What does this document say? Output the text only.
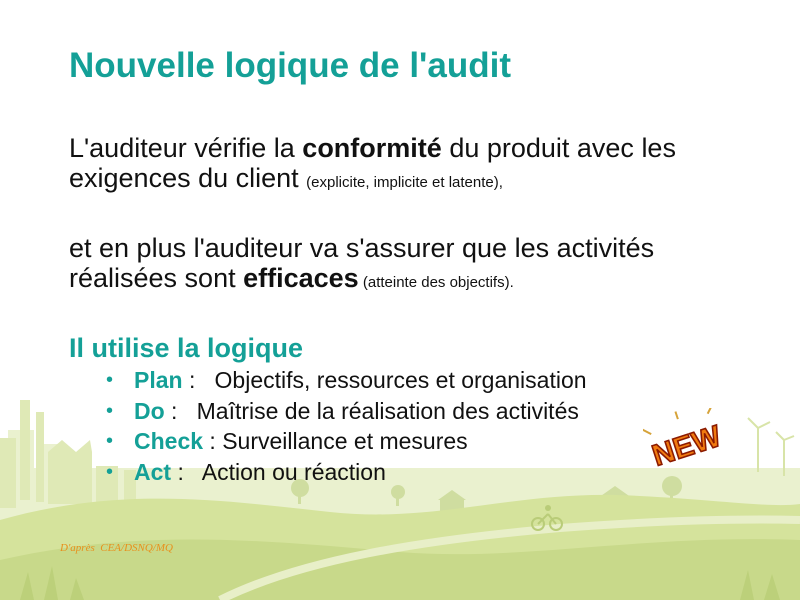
Nouvelle logique de l'audit

L'auditeur vérifie la conformité du produit avec les exigences du client (explicite, implicite et latente),

et en plus l'auditeur va s'assurer que les activités réalisées sont efficaces (atteinte des objectifs).

Il utilise la logique
• Plan :   Objectifs, ressources et organisation
• Do :   Maîtrise de la réalisation des activités
• Check : Surveillance et mesures
• Act :   Action ou réaction	NEW

D'après  CEA/DSNQ/MQ
